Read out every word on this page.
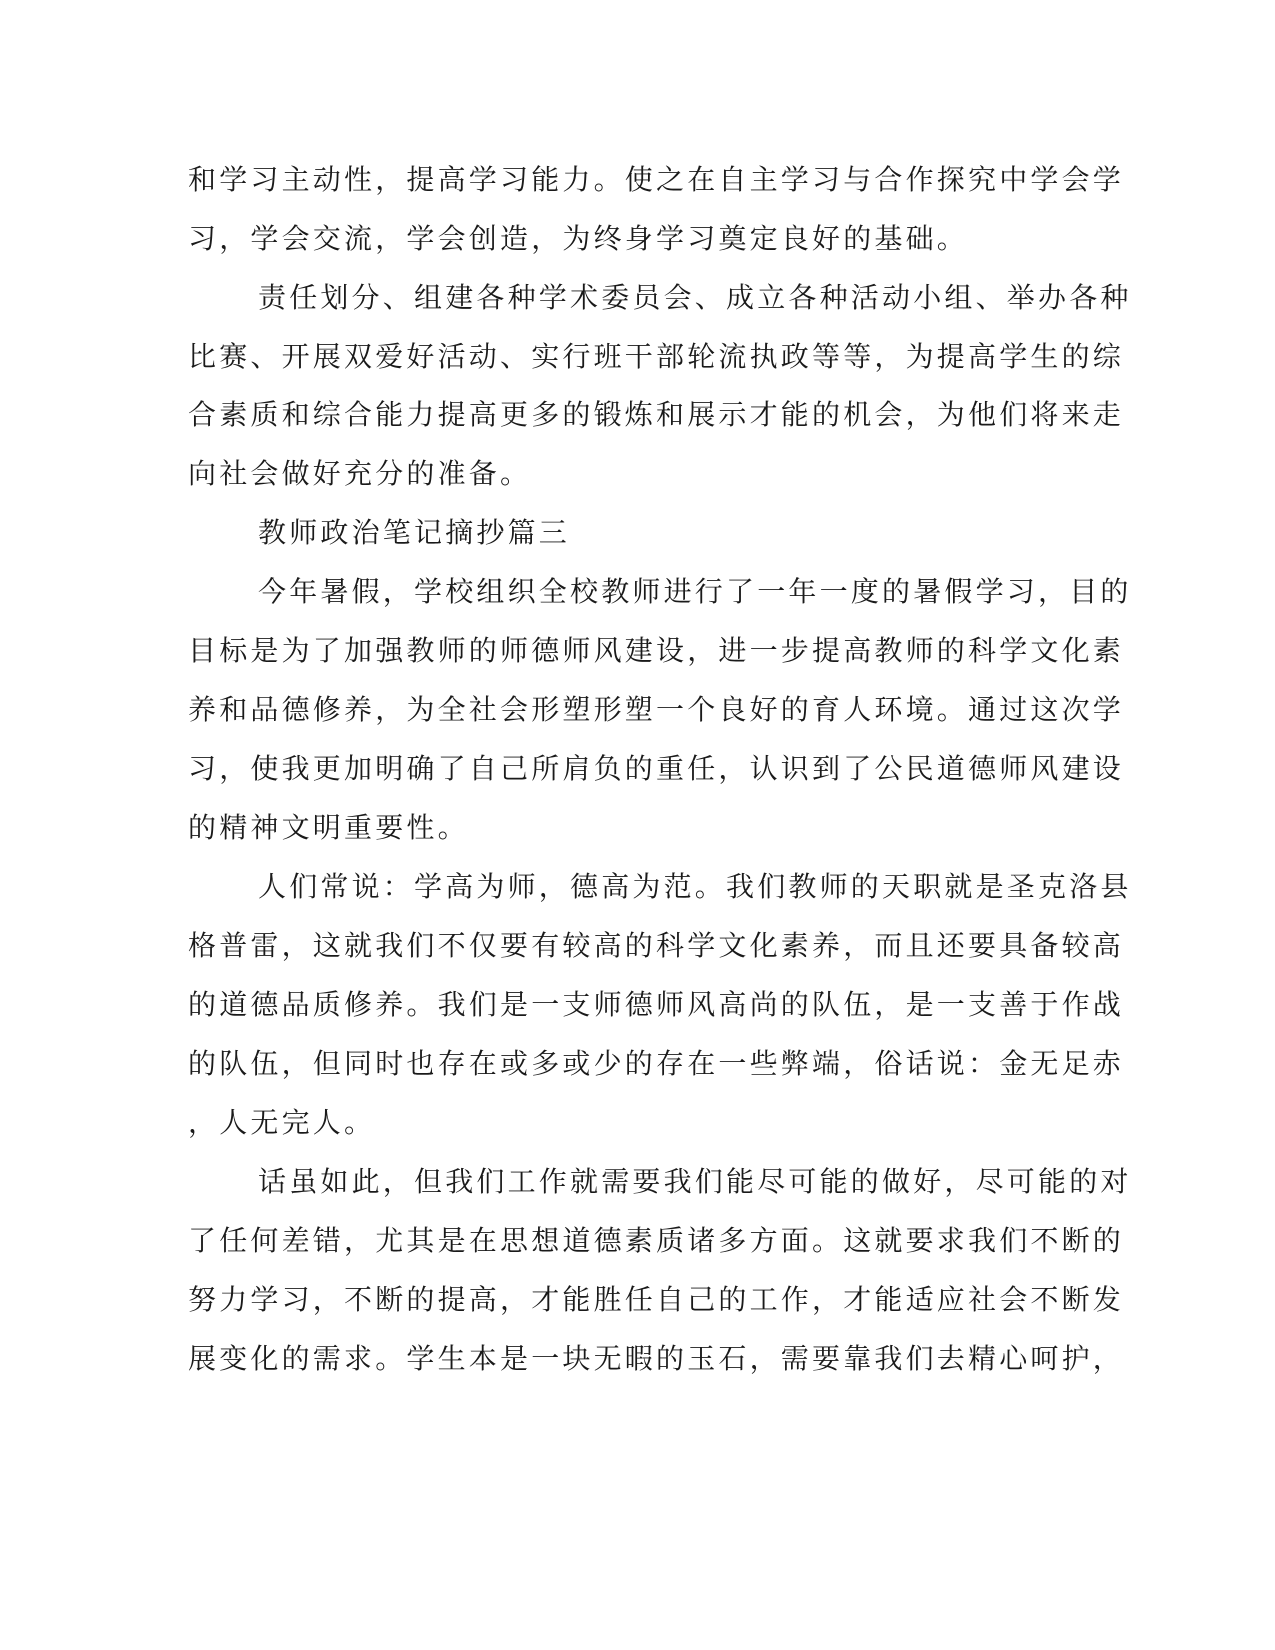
和学习主动性，提高学习能力。使之在自主学习与合作探究中学会学
习，学会交流，学会创造，为终身学习奠定良好的基础。
责任划分、组建各种学术委员会、成立各种活动小组、举办各种
比赛、开展双爱好活动、实行班干部轮流执政等等，为提高学生的综
合素质和综合能力提高更多的锻炼和展示才能的机会，为他们将来走
向社会做好充分的准备。
教师政治笔记摘抄篇三
今年暑假，学校组织全校教师进行了一年一度的暑假学习，目的
目标是为了加强教师的师德师风建设，进一步提高教师的科学文化素
养和品德修养，为全社会形塑形塑一个良好的育人环境。通过这次学
习，使我更加明确了自己所肩负的重任，认识到了公民道德师风建设
的精神文明重要性。
人们常说：学高为师，德高为范。我们教师的天职就是圣克洛县
格普雷，这就我们不仅要有较高的科学文化素养，而且还要具备较高
的道德品质修养。我们是一支师德师风高尚的队伍，是一支善于作战
的队伍，但同时也存在或多或少的存在一些弊端，俗话说：金无足赤
，人无完人。
话虽如此，但我们工作就需要我们能尽可能的做好，尽可能的对
了任何差错，尤其是在思想道德素质诸多方面。这就要求我们不断的
努力学习，不断的提高，才能胜任自己的工作，才能适应社会不断发
展变化的需求。学生本是一块无暇的玉石，需要靠我们去精心呵护，
